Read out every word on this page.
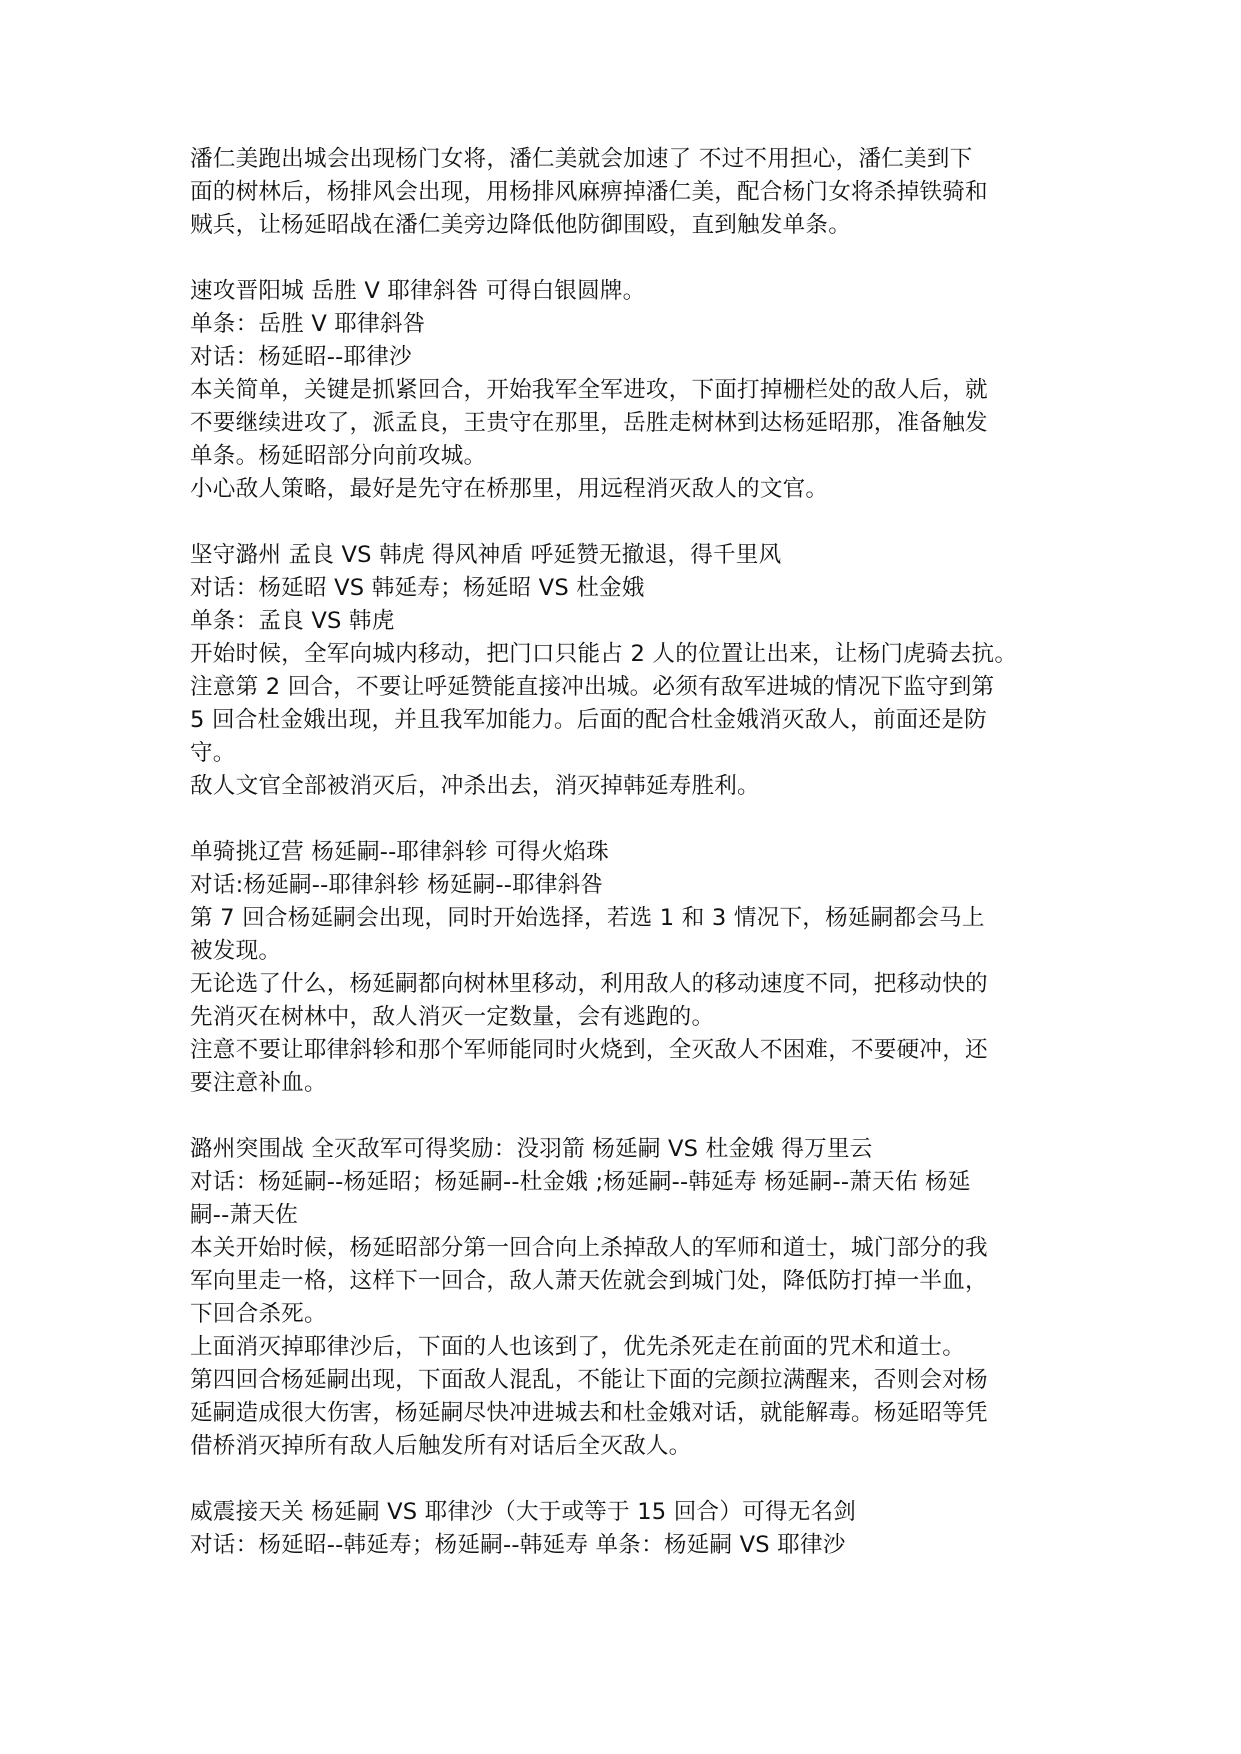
潘仁美跑出城会出现杨门女将，潘仁美就会加速了 不过不用担心，潘仁美到下
面的树林后，杨排风会出现，用杨排风麻痹掉潘仁美，配合杨门女将杀掉铁骑和
贼兵，让杨延昭战在潘仁美旁边降低他防御围殴，直到触发单条。
速攻晋阳城 岳胜 V 耶律斜咎 可得白银圆牌。
单条：岳胜 V 耶律斜咎
对话：杨延昭--耶律沙
本关简单，关键是抓紧回合，开始我军全军进攻，下面打掉栅栏处的敌人后，就
不要继续进攻了，派孟良，王贵守在那里，岳胜走树林到达杨延昭那，准备触发
单条。杨延昭部分向前攻城。
小心敌人策略，最好是先守在桥那里，用远程消灭敌人的文官。
坚守潞州 孟良 VS 韩虎 得风神盾 呼延赞无撤退，得千里风
对话：杨延昭 VS 韩延寿；杨延昭 VS 杜金娥
单条：孟良 VS 韩虎
开始时候，全军向城内移动，把门口只能占 2 人的位置让出来，让杨门虎骑去抗。
注意第 2 回合，不要让呼延赞能直接冲出城。必须有敌军进城的情况下监守到第
5 回合杜金娥出现，并且我军加能力。后面的配合杜金娥消灭敌人，前面还是防
守。
敌人文官全部被消灭后，冲杀出去，消灭掉韩延寿胜利。
单骑挑辽营 杨延嗣--耶律斜轸 可得火焰珠
对话:杨延嗣--耶律斜轸 杨延嗣--耶律斜咎
第 7 回合杨延嗣会出现，同时开始选择，若选 1 和 3 情况下，杨延嗣都会马上
被发现。
无论选了什么，杨延嗣都向树林里移动，利用敌人的移动速度不同，把移动快的
先消灭在树林中，敌人消灭一定数量，会有逃跑的。
注意不要让耶律斜轸和那个军师能同时火烧到，全灭敌人不困难，不要硬冲，还
要注意补血。
潞州突围战 全灭敌军可得奖励：没羽箭 杨延嗣 VS 杜金娥 得万里云
对话：杨延嗣--杨延昭；杨延嗣--杜金娥 ;杨延嗣--韩延寿 杨延嗣--萧天佑 杨延
嗣--萧天佐
本关开始时候，杨延昭部分第一回合向上杀掉敌人的军师和道士，城门部分的我
军向里走一格，这样下一回合，敌人萧天佐就会到城门处，降低防打掉一半血，
下回合杀死。
上面消灭掉耶律沙后，下面的人也该到了，优先杀死走在前面的咒术和道士。
第四回合杨延嗣出现，下面敌人混乱，不能让下面的完颜拉满醒来，否则会对杨
延嗣造成很大伤害，杨延嗣尽快冲进城去和杜金娥对话，就能解毒。杨延昭等凭
借桥消灭掉所有敌人后触发所有对话后全灭敌人。
威震接天关 杨延嗣 VS 耶律沙（大于或等于 15 回合）可得无名剑
对话：杨延昭--韩延寿；杨延嗣--韩延寿 单条：杨延嗣 VS 耶律沙
